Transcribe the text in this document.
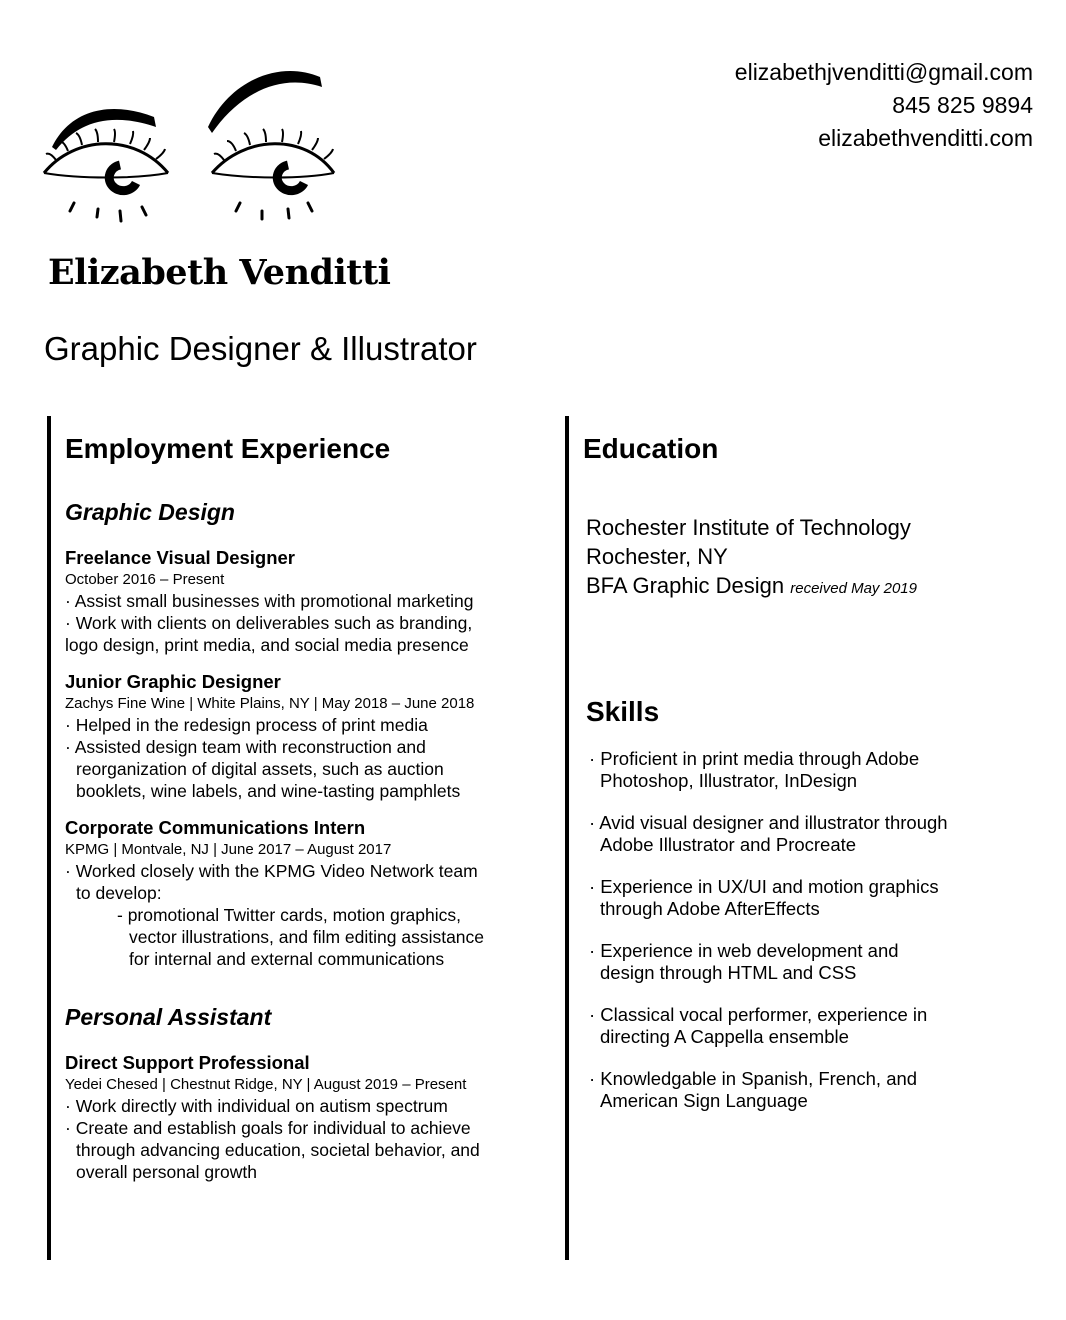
elizabethjvenditti@gmail.com
845 825 9894
elizabethvenditti.com
Elizabeth Venditti
Graphic Designer & Illustrator
Employment Experience
Graphic Design
Freelance Visual Designer
October 2016 – Present
· Assist small businesses with promotional marketing
· Work with clients on deliverables such as branding,
logo design, print media, and social media presence
Junior Graphic Designer
Zachys Fine Wine | White Plains, NY | May 2018 – June 2018
· Helped in the redesign process of print media
· Assisted design team with reconstruction and
reorganization of digital assets, such as auction
booklets, wine labels, and wine-tasting pamphlets
Corporate Communications Intern
KPMG | Montvale, NJ | June 2017 – August 2017
· Worked closely with the KPMG Video Network team
to develop:
- promotional Twitter cards, motion graphics,
vector illustrations, and film editing assistance
for internal and external communications
Personal Assistant
Direct Support Professional
Yedei Chesed | Chestnut Ridge, NY | August 2019 – Present
· Work directly with individual on autism spectrum
· Create and establish goals for individual to achieve
through advancing education, societal behavior, and
overall personal growth
Education
Rochester Institute of Technology
Rochester, NY
BFA Graphic Design received May 2019
Skills
· Proficient in print media through Adobe
Photoshop, Illustrator, InDesign
· Avid visual designer and illustrator through
Adobe Illustrator and Procreate
· Experience in UX/UI and motion graphics
through Adobe AfterEffects
· Experience in web development and
design through HTML and CSS
· Classical vocal performer, experience in
directing A Cappella ensemble
· Knowledgable in Spanish, French, and
American Sign Language
